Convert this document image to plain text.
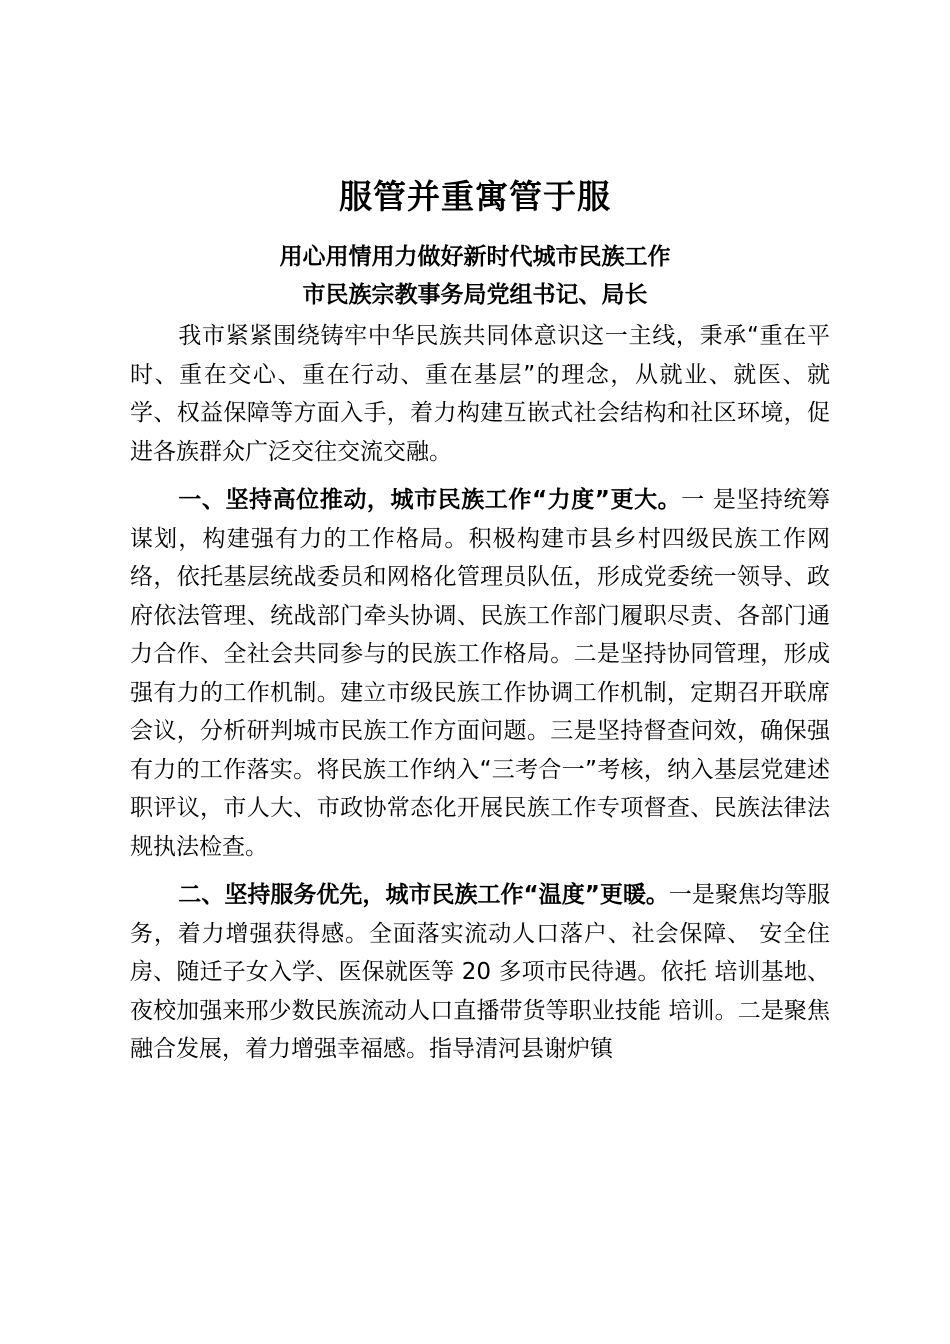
服管并重寓管于服
用心用情用力做好新时代城市民族工作
市民族宗教事务局党组书记、局长

我市紧紧围绕铸牢中华民族共同体意识这一主线，秉承“重在平时、重在交心、重在行动、重在基层”的理念，从就业、就医、就学、权益保障等方面入手，着力构建互嵌式社会结构和社区环境，促进各族群众广泛交往交流交融。

一、坚持高位推动，城市民族工作“力度”更大。一 是坚持统筹谋划，构建强有力的工作格局。积极构建市县乡村四级民族工作网络，依托基层统战委员和网格化管理员队伍，形成党委统一领导、政府依法管理、统战部门牵头协调、民族工作部门履职尽责、各部门通力合作、全社会共同参与的民族工作格局。二是坚持协同管理，形成强有力的工作机制。建立市级民族工作协调工作机制，定期召开联席会议，分析研判城市民族工作方面问题。三是坚持督查问效，确保强有力的工作落实。将民族工作纳入“三考合一”考核，纳入基层党建述职评议，市人大、市政协常态化开展民族工作专项督查、民族法律法规执法检查。

二、坚持服务优先，城市民族工作“温度”更暖。一是聚焦均等服务，着力增强获得感。全面落实流动人口落户、社会保障、 安全住房、随迁子女入学、医保就医等 20 多项市民待遇。依托 培训基地、夜校加强来邢少数民族流动人口直播带货等职业技能 培训。二是聚焦融合发展，着力增强幸福感。指导清河县谢炉镇
